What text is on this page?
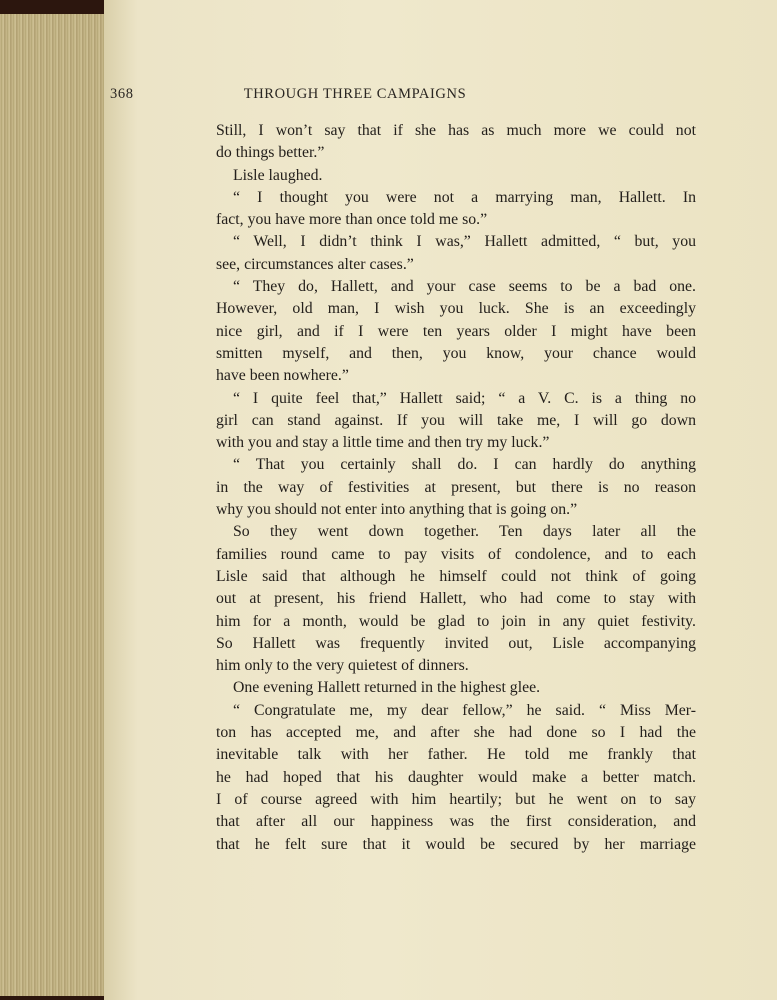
368	THROUGH THREE CAMPAIGNS
Still, I won’t say that if she has as much more we could not
do things better.”
Lisle laughed.
“ I thought you were not a marrying man, Hallett. In
fact, you have more than once told me so.”
“ Well, I didn’t think I was,” Hallett admitted, “ but, you
see, circumstances alter cases.”
“ They do, Hallett, and your case seems to be a bad one.
However, old man, I wish you luck. She is an exceedingly
nice girl, and if I were ten years older I might have been
smitten myself, and then, you know, your chance would
have been nowhere.”
“ I quite feel that,” Hallett said; “ a V. C. is a thing no
girl can stand against. If you will take me, I will go down
with you and stay a little time and then try my luck.”
“ That you certainly shall do. I can hardly do anything
in the way of festivities at present, but there is no reason
why you should not enter into anything that is going on.”
So they went down together. Ten days later all the
families round came to pay visits of condolence, and to each
Lisle said that although he himself could not think of going
out at present, his friend Hallett, who had come to stay with
him for a month, would be glad to join in any quiet festivity.
So Hallett was frequently invited out, Lisle accompanying
him only to the very quietest of dinners.
One evening Hallett returned in the highest glee.
“ Congratulate me, my dear fellow,” he said. “ Miss Mer-
ton has accepted me, and after she had done so I had the
inevitable talk with her father. He told me frankly that
he had hoped that his daughter would make a better match.
I of course agreed with him heartily; but he went on to say
that after all our happiness was the first consideration, and
that he felt sure that it would be secured by her marriage
